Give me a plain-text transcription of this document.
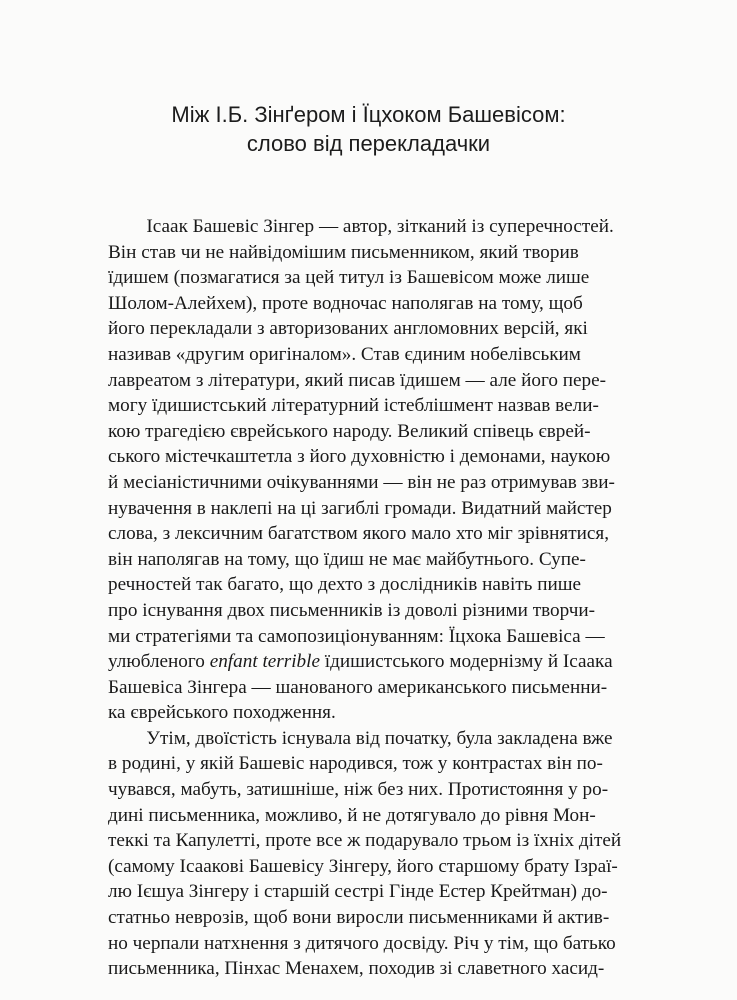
Між І.Б. Зінґером і Їцхоком Башевісом:
слово від перекладачки
Ісаак Башевіс Зінгер — автор, зітканий із суперечностей.
Він став чи не найвідомішим письменником, який творив
їдишем (позмагатися за цей титул із Башевісом може лише
Шолом-Алейхем), проте водночас наполягав на тому, щоб
його перекладали з авторизованих англомовних версій, які
називав «другим оригіналом». Став єдиним нобелівським
лавреатом з літератури, який писав їдишем — але його пере-
могу їдишистський літературний істеблішмент назвав вели-
кою трагедією єврейського народу. Великий співець єврей-
ського містечкаштетла з його духовністю і демонами, наукою
й месіаністичними очікуваннями — він не раз отримував зви-
нувачення в наклепі на ці загиблі громади. Видатний майстер
слова, з лексичним багатством якого мало хто міг зрівнятися,
він наполягав на тому, що їдиш не має майбутнього. Супе-
речностей так багато, що дехто з дослідників навіть пише
про існування двох письменників із доволі різними творчи-
ми стратегіями та самопозиціонуванням: Їцхока Башевіса —
улюбленого enfant terrible їдишистського модернізму й Ісаака
Башевіса Зінгера — шанованого американського письменни-
ка єврейського походження.
Утім, двоїстість існувала від початку, була закладена вже
в родині, у якій Башевіс народився, тож у контрастах він по-
чувався, мабуть, затишніше, ніж без них. Протистояння у ро-
дині письменника, можливо, й не дотягувало до рівня Мон-
теккі та Капулетті, проте все ж подарувало трьом із їхніх дітей
(самому Ісаакові Башевісу Зінгеру, його старшому брату Ізраї-
лю Ієшуа Зінгеру і старшій сестрі Гінде Естер Крейтман) до-
статньо неврозів, щоб вони виросли письменниками й актив-
но черпали натхнення з дитячого досвіду. Річ у тім, що батько
письменника, Пінхас Менахем, походив зі славетного хасид-
